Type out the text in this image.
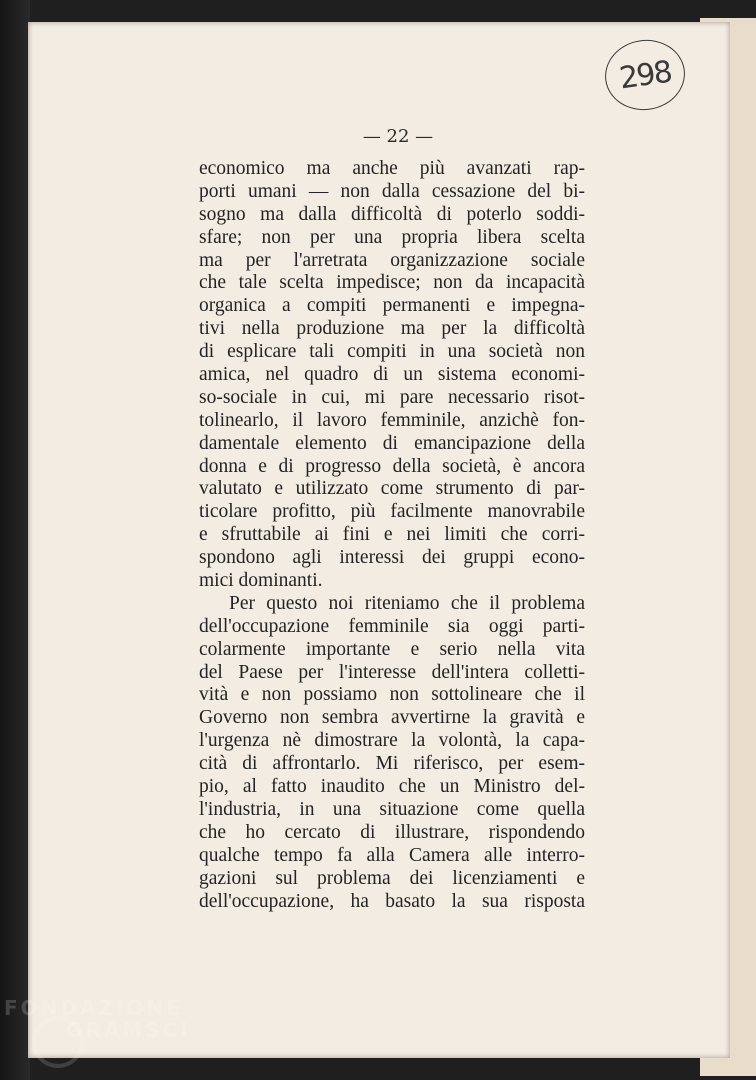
298
— 22 —
economico ma anche più avanzati rap-
porti umani — non dalla cessazione del bi-
sogno ma dalla difficoltà di poterlo soddi-
sfare; non per una propria libera scelta
ma per l'arretrata organizzazione sociale
che tale scelta impedisce; non da incapacità
organica a compiti permanenti e impegna-
tivi nella produzione ma per la difficoltà
di esplicare tali compiti in una società non
amica, nel quadro di un sistema economi-
so-sociale in cui, mi pare necessario risot-
tolinearlo, il lavoro femminile, anzichè fon-
damentale elemento di emancipazione della
donna e di progresso della società, è ancora
valutato e utilizzato come strumento di par-
ticolare profitto, più facilmente manovrabile
e sfruttabile ai fini e nei limiti che corri-
spondono agli interessi dei gruppi econo-
mici dominanti.
Per questo noi riteniamo che il problema
dell'occupazione femminile sia oggi parti-
colarmente importante e serio nella vita
del Paese per l'interesse dell'intera colletti-
vità e non possiamo non sottolineare che il
Governo non sembra avvertirne la gravità e
l'urgenza nè dimostrare la volontà, la capa-
cità di affrontarlo. Mi riferisco, per esem-
pio, al fatto inaudito che un Ministro del-
l'industria, in una situazione come quella
che ho cercato di illustrare, rispondendo
qualche tempo fa alla Camera alle interro-
gazioni sul problema dei licenziamenti e
dell'occupazione, ha basato la sua risposta
FONDAZIONE
GRAMSCI
